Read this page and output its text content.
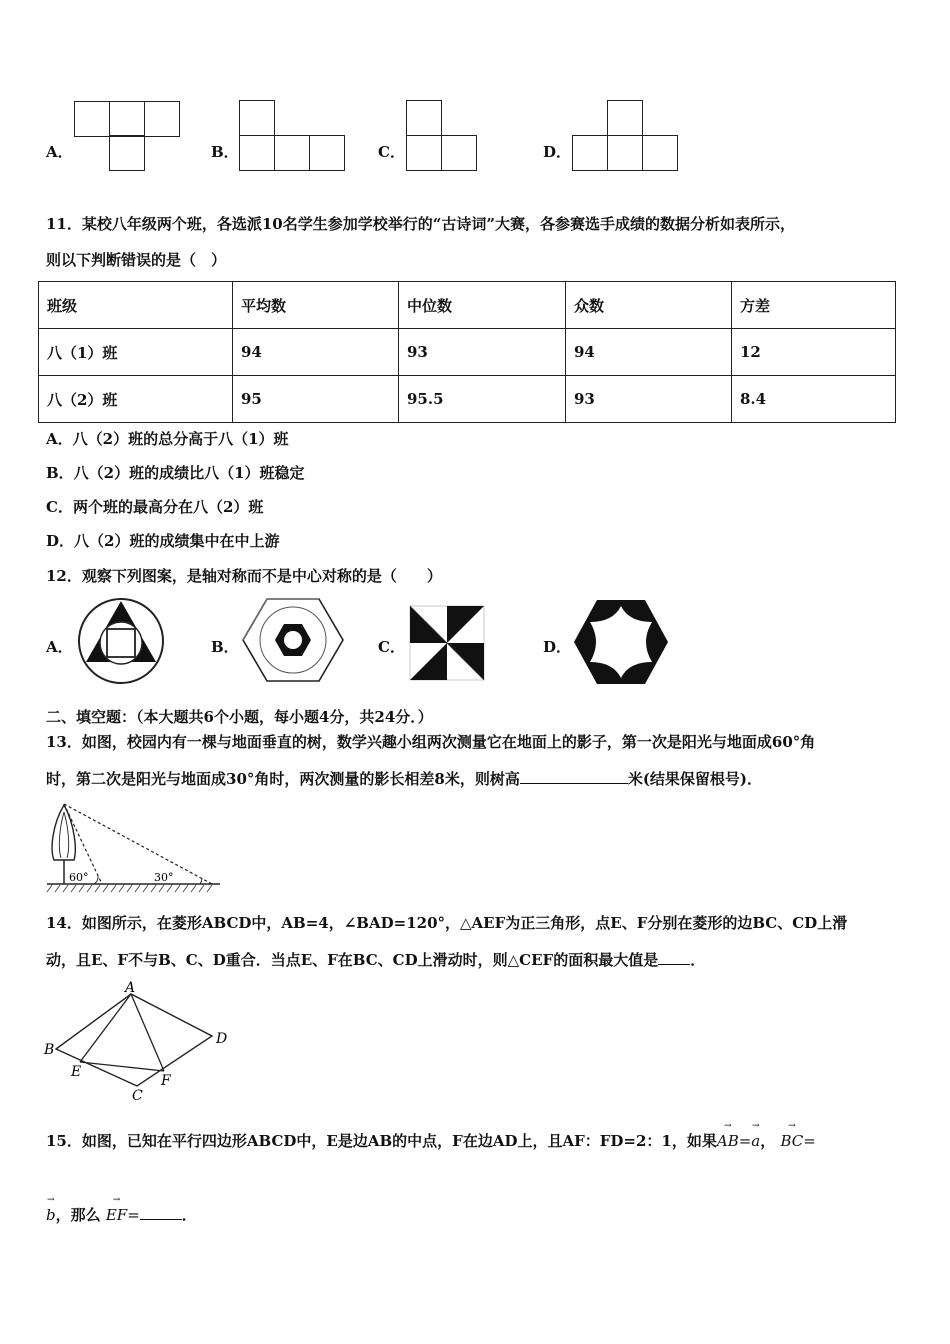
A．	B．	C．	D．
11．某校八年级两个班，各选派10名学生参加学校举行的“古诗词”大赛，各参赛选手成绩的数据分析如表所示，
则以下判断错误的是（　）
班级	平均数	中位数	众数	方差
八（1）班	94	93	94	12
八（2）班	95	95.5	93	8.4
A．八（2）班的总分高于八（1）班
B．八（2）班的成绩比八（1）班稳定
C．两个班的最高分在八（2）班
D．八（2）班的成绩集中在中上游
12．观察下列图案，是轴对称而不是中心对称的是（　　）
A．	B．	C．	D．
二、填空题：（本大题共6个小题，每小题4分，共24分．）
13．如图，校园内有一棵与地面垂直的树，数学兴趣小组两次测量它在地面上的影子，第一次是阳光与地面成60°角
时，第二次是阳光与地面成30°角时，两次测量的影长相差8米，则树高	米(结果保留根号)．
60°	30°
14．如图所示，在菱形ABCD中，AB=4，∠BAD=120°，△AEF为正三角形，点E、F分别在菱形的边BC、CD上滑
动，且E、F不与B、C、D重合．当点E、F在BC、CD上滑动时，则△CEF的面积最大值是 ．
A
B
C
D
E
F
15．如图，已知在平行四边形ABCD中，E是边AB的中点，F在边AD上，且AF：FD=2：1，如果→ AB=→ a， → BC=
→ b，那么 → EF=	．
